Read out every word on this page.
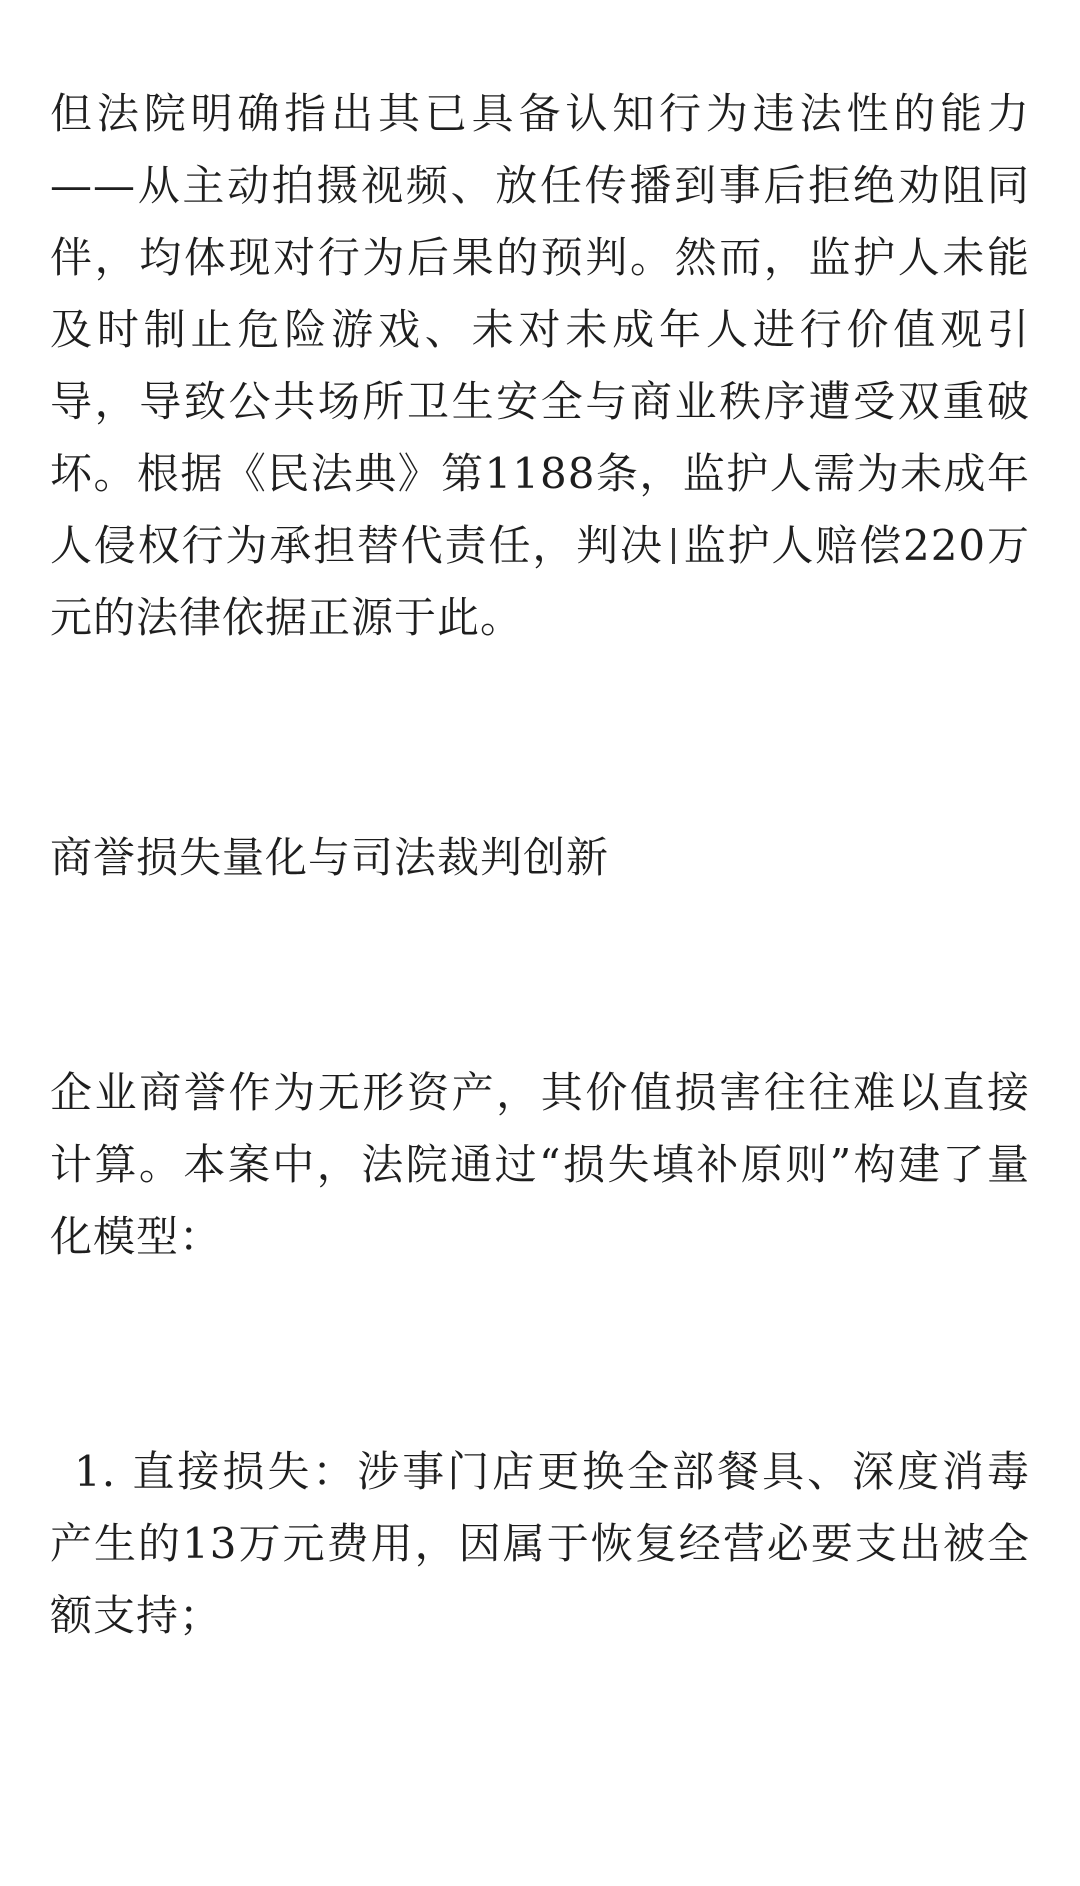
但法院明确指出其已具备认知行为违法性的能力——从主动拍摄视频、放任传播到事后拒绝劝阻同伴，均体现对行为后果的预判。然而，监护人未能及时制止危险游戏、未对未成年人进行价值观引导，导致公共场所卫生安全与商业秩序遭受双重破坏。根据《民法典》第1188条，监护人需为未成年人侵权行为承担替代责任，判决 监护人赔偿220万元的法律依据正源于此。

商誉损失量化与司法裁判创新

企业商誉作为无形资产，其价值损害往往难以直接计算。本案中，法院通过“损失填补原则”构建了量化模型：

1. 直接损失：涉事门店更换全部餐具、深度消毒产生的13万元费用，因属于恢复经营必要支出被全额支持；
